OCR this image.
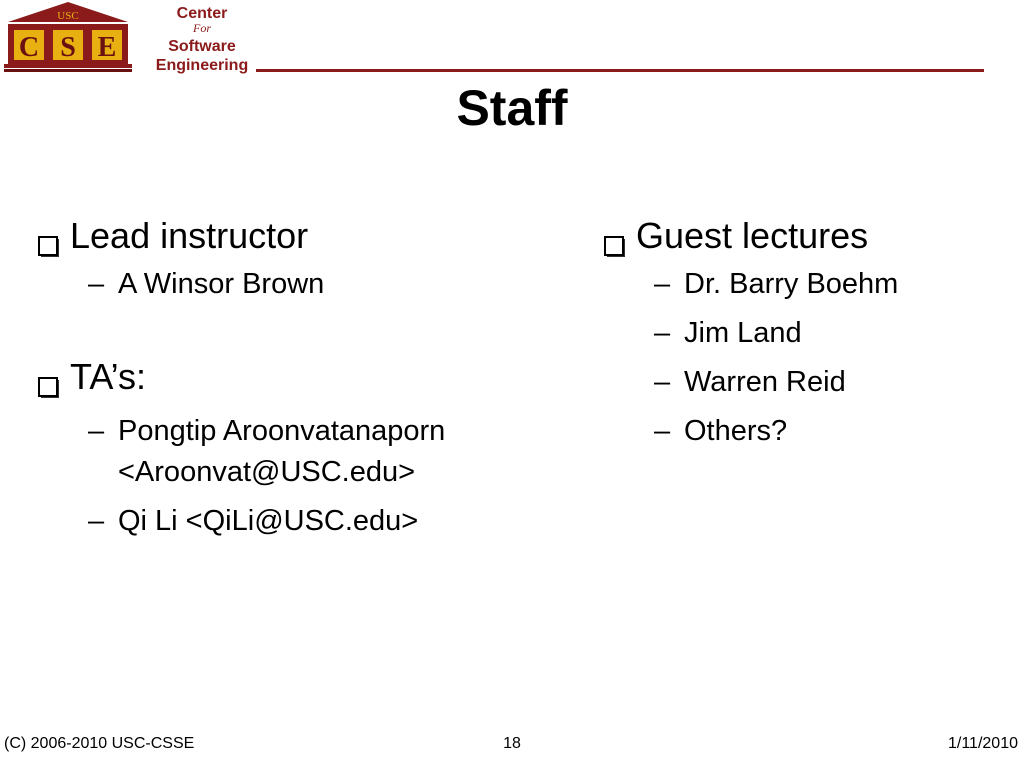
USC
C S E
Center
For
Software
Engineering
Staff
Lead instructor
– A Winsor Brown
TA’s:
– Pongtip Aroonvatanaporn <Aroonvat@USC.edu>
– Qi Li <QiLi@USC.edu>
Guest lectures
– Dr. Barry Boehm
– Jim Land
– Warren Reid
– Others?
(C) 2006-2010 USC-CSSE	18	1/11/2010
